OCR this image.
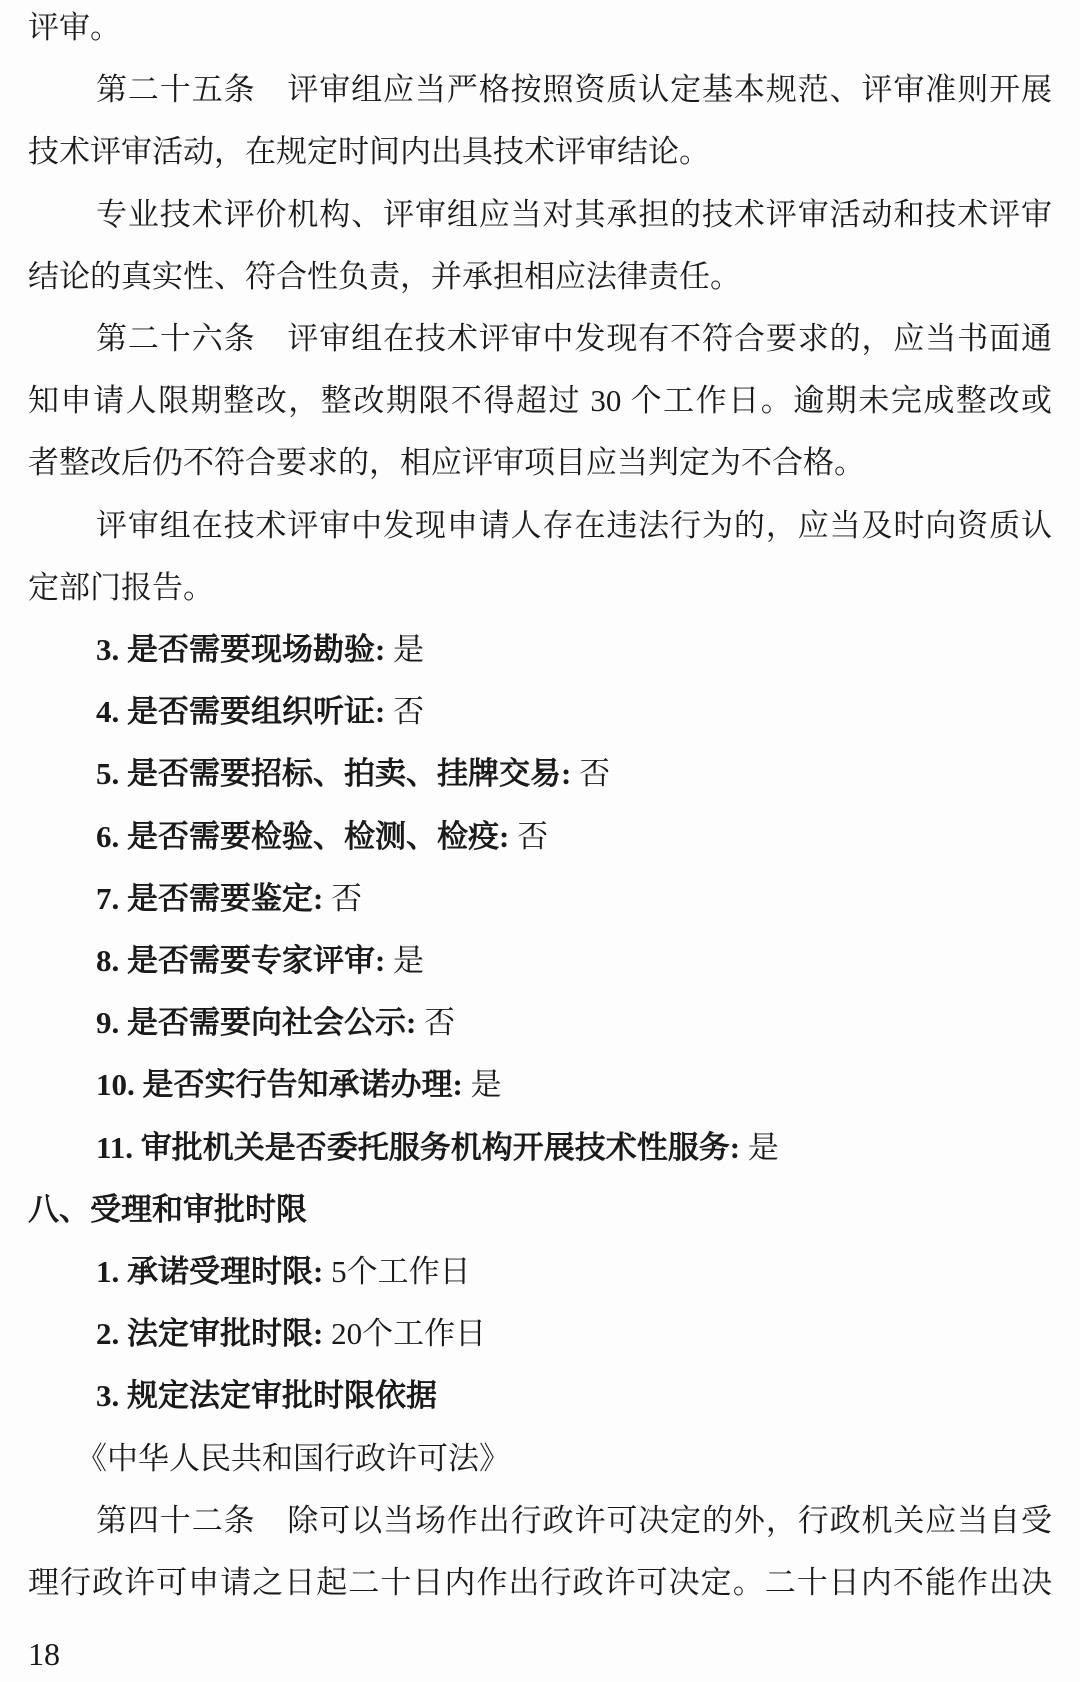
评审。
第二十五条　评审组应当严格按照资质认定基本规范、评审准则开展
技术评审活动，在规定时间内出具技术评审结论。
专业技术评价机构、评审组应当对其承担的技术评审活动和技术评审
结论的真实性、符合性负责，并承担相应法律责任。
第二十六条　评审组在技术评审中发现有不符合要求的，应当书面通
知申请人限期整改，整改期限不得超过 30 个工作日。逾期未完成整改或
者整改后仍不符合要求的，相应评审项目应当判定为不合格。
评审组在技术评审中发现申请人存在违法行为的，应当及时向资质认
定部门报告。
3. 是否需要现场勘验: 是
4. 是否需要组织听证: 否
5. 是否需要招标、拍卖、挂牌交易: 否
6. 是否需要检验、检测、检疫: 否
7. 是否需要鉴定: 否
8. 是否需要专家评审: 是
9. 是否需要向社会公示: 否
10. 是否实行告知承诺办理: 是
11. 审批机关是否委托服务机构开展技术性服务: 是
八、受理和审批时限
1. 承诺受理时限: 5个工作日
2. 法定审批时限: 20个工作日
3. 规定法定审批时限依据
《中华人民共和国行政许可法》
第四十二条　除可以当场作出行政许可决定的外，行政机关应当自受
理行政许可申请之日起二十日内作出行政许可决定。二十日内不能作出决
18
